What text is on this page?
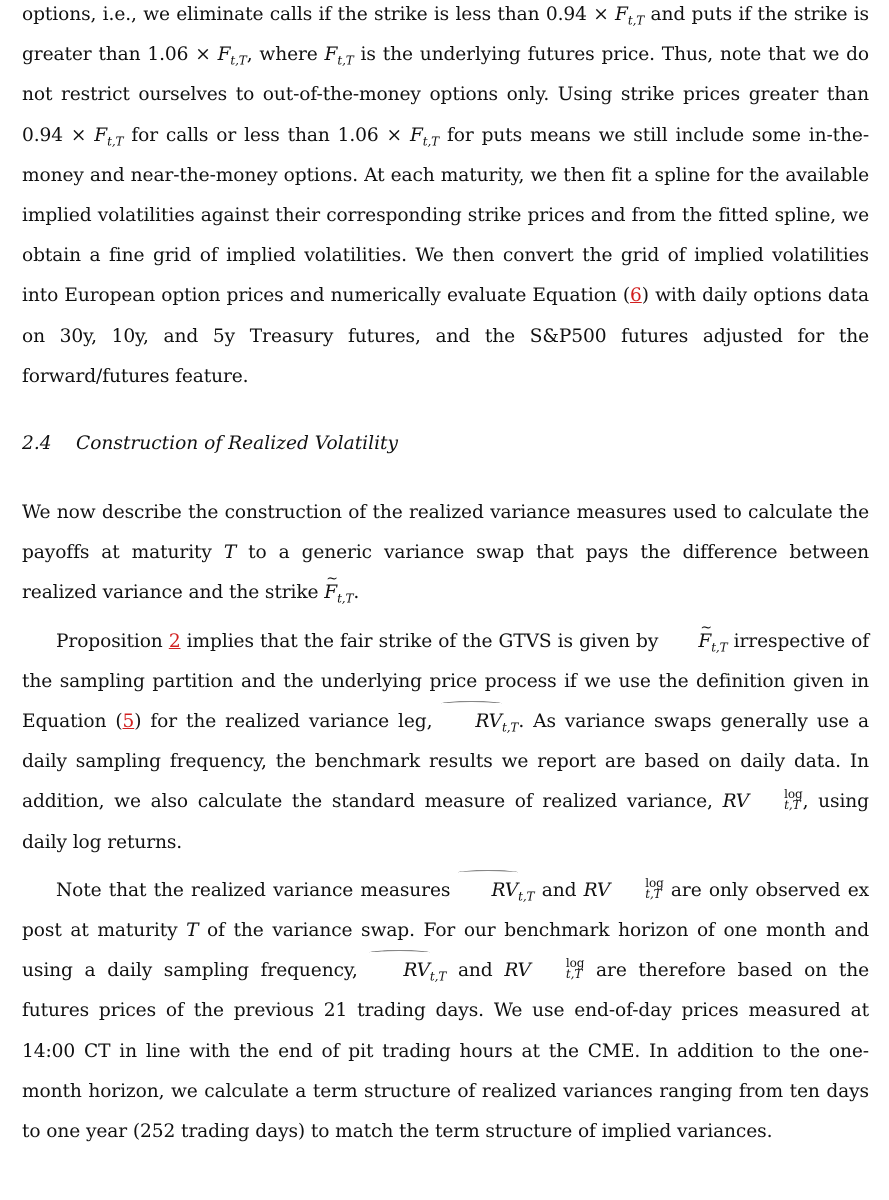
options, i.e., we eliminate calls if the strike is less than $0.94 \times F_{t,T}$ and puts if the strike is greater than $1.06 \times F_{t,T}$, where $F_{t,T}$ is the underlying futures price. Thus, note that we do not restrict ourselves to out-of-the-money options only. Using strike prices greater than $0.94 \times F_{t,T}$ for calls or less than $1.06 \times F_{t,T}$ for puts means we still include some in-the-money and near-the-money options. At each maturity, we then fit a spline for the available implied volatilities against their corresponding strike prices and from the fitted spline, we obtain a fine grid of implied volatilities. We then convert the grid of implied volatilities into European option prices and numerically evaluate Equation (6) with daily options data on 30y, 10y, and 5y Treasury futures, and the S&P500 futures adjusted for the forward/futures feature.

2.4 Construction of Realized Volatility

We now describe the construction of the realized variance measures used to calculate the payoffs at maturity T to a generic variance swap that pays the difference between realized variance and the strike ~ $F_{t,T}$.

Proposition 2 implies that the fair strike of the GTVS is given by ~ $F_{t,T}$ irrespective of the sampling partition and the underlying price process if we use the definition given in Equation (5) for the realized variance leg, $RV_{t,T}$. As variance swaps generally use a daily sampling frequency, the benchmark results we report are based on daily data. In addition, we also calculate the standard measure of realized variance, RV	log
t,T , using daily log returns.

Note that the realized variance measures $RV_{t,T}$ and RV	log
t,T are only observed ex post at maturity T of the variance swap. For our benchmark horizon of one month and using a daily sampling frequency, $RV_{t,T}$ and RV	log
t,T are therefore based on the futures prices of the previous 21 trading days. We use end-of-day prices measured at 14:00 CT in line with the end of pit trading hours at the CME. In addition to the one-month horizon, we calculate a term structure of realized variances ranging from ten days to one year (252 trading days) to match the term structure of implied variances.
